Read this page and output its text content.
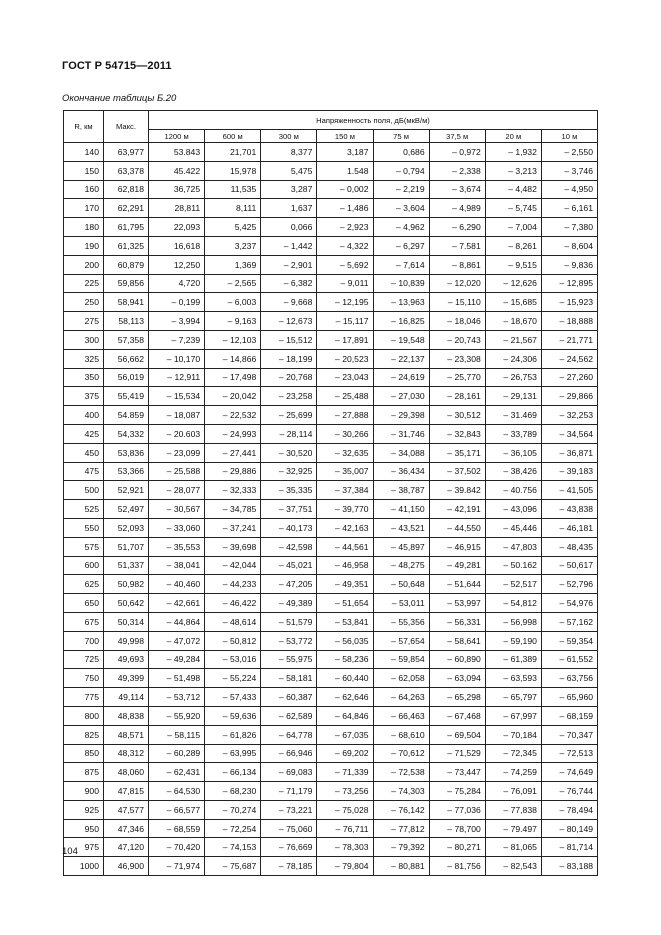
ГОСТ Р 54715—2011
Окончание таблицы Б.20
R, км	Макс.	Напряженность поля, дБ(мкВ/м)							
		1200 м	600 м	300 м	150 м	75 м	37,5 м	20 м	10 м
140	63,977	53.843	21,701	8,377	3,187	0,686	– 0,972	– 1,932	– 2,550
150	63,378	45.422	15,978	5,475	1.548	– 0,794	– 2,338	– 3,213	– 3,746
160	62,818	36,725	11,535	3,287	– 0,002	– 2,219	– 3,674	– 4,482	– 4,950
170	62,291	28,811	8,111	1,637	– 1,486	– 3,604	– 4,989	– 5,745	– 6,161
180	61,795	22,093	5,425	0,066	– 2,923	– 4,962	– 6,290	– 7,004	– 7,380
190	61,325	16,618	3,237	– 1,442	– 4,322	– 6,297	– 7.581	– 8,261	– 8,604
200	60,879	12,250	1,369	– 2,901	– 5,692	– 7,614	– 8,861	– 9,515	– 9,836
225	59,856	4,720	– 2,565	– 6,382	– 9,011	– 10,839	– 12,020	– 12,626	– 12,895
250	58,941	– 0,199	– 6,003	– 9,668	– 12,195	– 13,963	– 15,110	– 15,685	– 15,923
275	58,113	– 3,994	– 9,163	– 12,673	– 15,117	– 16,825	– 18,046	– 18,670	– 18,888
300	57,358	– 7,239	– 12,103	– 15,512	– 17,891	– 19,548	– 20,743	– 21,567	– 21,771
325	56,662	– 10,170	– 14,866	– 18,199	– 20,523	– 22,137	– 23,308	– 24,306	– 24,562
350	56,019	– 12,911	– 17,498	– 20,768	– 23,043	– 24,619	– 25,770	– 26,753	– 27,260
375	55,419	– 15,534	– 20,042	– 23,258	– 25,488	– 27,030	– 28,161	– 29,131	– 29,866
400	54.859	– 18,087	– 22,532	– 25,699	– 27,888	– 29,398	– 30,512	– 31.469	– 32,253
425	54,332	– 20.603	– 24,993	– 28,114	– 30,266	– 31,746	– 32,843	– 33,789	– 34,564
450	53,836	– 23,099	– 27,441	– 30,520	– 32,635	– 34,088	– 35,171	– 36,105	– 36,871
475	53,366	– 25,588	– 29,886	– 32,925	– 35,007	– 36,434	– 37,502	– 38,426	– 39,183
500	52,921	– 28,077	– 32,333	– 35,335	– 37,384	– 38,787	– 39.842	– 40.756	– 41,505
525	52,497	– 30,567	– 34,785	– 37,751	– 39,770	– 41,150	– 42,191	– 43,096	– 43,838
550	52,093	– 33,060	– 37,241	– 40,173	– 42,163	– 43,521	– 44,550	– 45,446	– 46,181
575	51,707	– 35,553	– 39,698	– 42,598	– 44,561	– 45,897	– 46,915	– 47,803	– 48,435
600	51,337	– 38,041	– 42,044	– 45,021	– 46,958	– 48,275	– 49,281	– 50.162	– 50,617
625	50,982	– 40,460	– 44,233	– 47,205	– 49,351	– 50,648	– 51,644	– 52,517	– 52,796
650	50,642	– 42,661	– 46,422	– 49,389	– 51,654	– 53,011	– 53,997	– 54,812	– 54,976
675	50,314	– 44,864	– 48,614	– 51,579	– 53,841	– 55,356	– 56,331	– 56,998	– 57,162
700	49,998	– 47,072	– 50,812	– 53,772	– 56,035	– 57,654	– 58,641	– 59,190	– 59,354
725	49,693	– 49,284	– 53,016	– 55,975	– 58,236	– 59,854	– 60,890	– 61,389	– 61,552
750	49,399	– 51,498	– 55,224	– 58,181	– 60,440	– 62,058	– 63,094	– 63,593	– 63,756
775	49,114	– 53,712	– 57,433	– 60,387	– 62,646	– 64,263	– 65,298	– 65,797	– 65,960
800	48,838	– 55,920	– 59,636	– 62,589	– 64,846	– 66,463	– 67,468	– 67,997	– 68,159
825	48,571	– 58,115	– 61,826	– 64,778	– 67,035	– 68,610	– 69,504	– 70,184	– 70,347
850	48,312	– 60,289	– 63,995	– 66,946	– 69,202	– 70,612	– 71,529	– 72,345	– 72,513
875	48,060	– 62,431	– 66,134	– 69,083	– 71,339	– 72,538	– 73,447	– 74,259	– 74,649
900	47,815	– 64,530	– 68,230	– 71,179	– 73,256	– 74,303	– 75,284	– 76,091	– 76,744
925	47,577	– 66,577	– 70,274	– 73,221	– 75,028	– 76,142	– 77,036	– 77,838	– 78,494
950	47,346	– 68,559	– 72,254	– 75,060	– 76,711	– 77,812	– 78,700	– 79.497	– 80,149
975	47,120	– 70,420	– 74,153	– 76,669	– 78,303	– 79,392	– 80,271	– 81,065	– 81,714
1000	46,900	– 71,974	– 75,687	– 78,185	– 79,804	– 80,881	– 81,756	– 82,543	– 83,188
104
